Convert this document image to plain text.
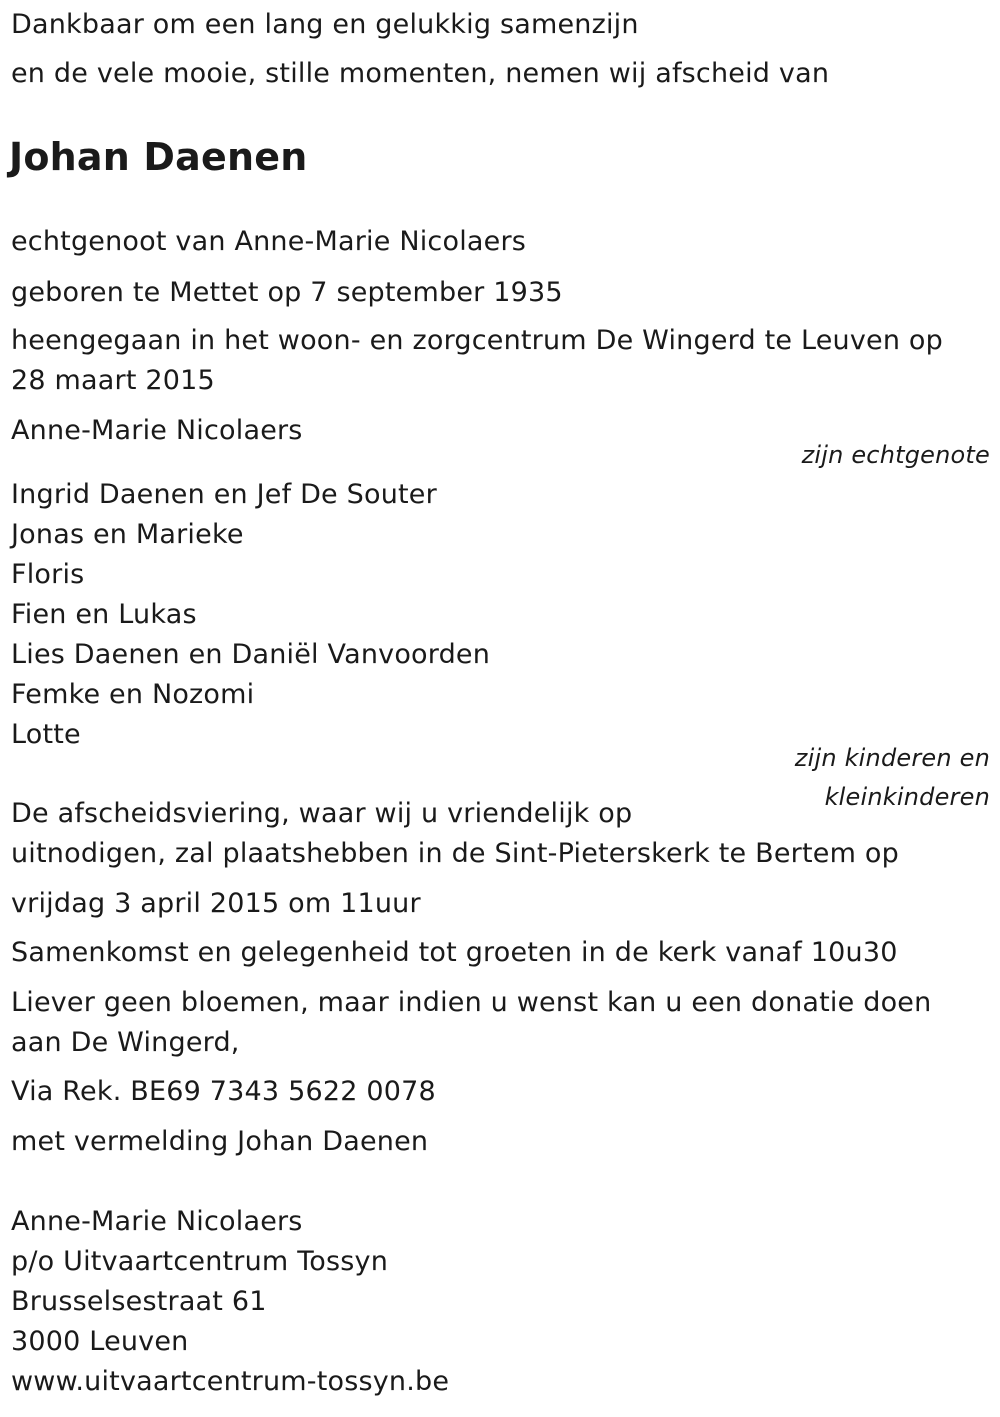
Dankbaar om een lang en gelukkig samenzijn
en de vele mooie, stille momenten, nemen wij afscheid van
Johan Daenen
echtgenoot van Anne-Marie Nicolaers
geboren te Mettet op 7 september 1935
heengegaan in het woon- en zorgcentrum De Wingerd te Leuven op 28 maart 2015
Anne-Marie Nicolaers
zijn echtgenote
Ingrid Daenen en Jef De Souter
Jonas en Marieke
Floris
Fien en Lukas
Lies Daenen en Daniël Vanvoorden
Femke en Nozomi
Lotte
zijn kinderen en
kleinkinderen
De afscheidsviering, waar wij u vriendelijk op
uitnodigen, zal plaatshebben in de Sint-Pieterskerk te Bertem op
vrijdag 3 april 2015 om 11uur
Samenkomst en gelegenheid tot groeten in de kerk vanaf 10u30
Liever geen bloemen, maar indien u wenst kan u een donatie doen aan De Wingerd,
Via Rek. BE69 7343 5622 0078
met vermelding Johan Daenen
Anne-Marie Nicolaers
p/o Uitvaartcentrum Tossyn
Brusselsestraat 61
3000 Leuven
www.uitvaartcentrum-tossyn.be
